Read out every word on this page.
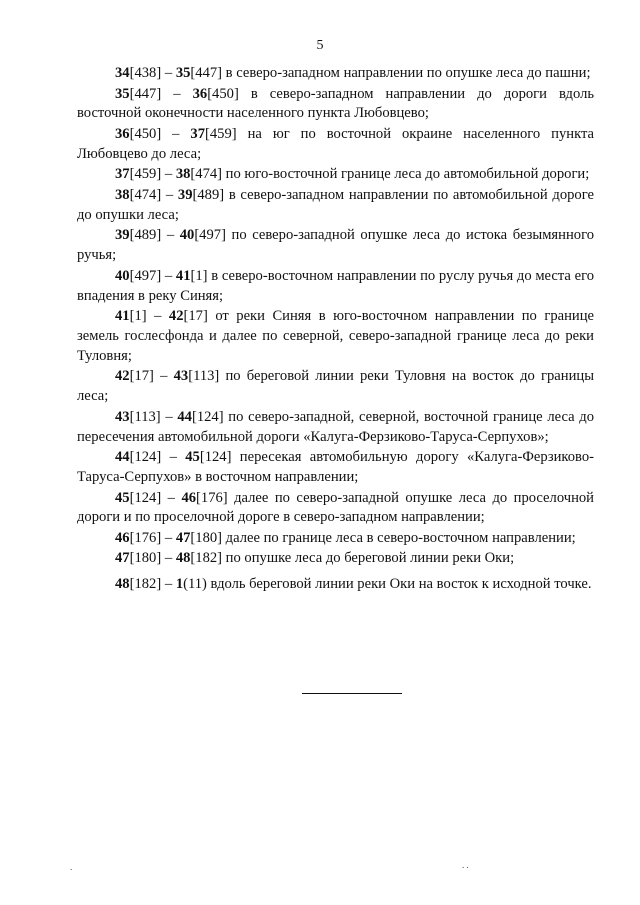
5

34[438] – 35[447] в северо-западном направлении по опушке леса до пашни;

35[447] – 36[450] в северо-западном направлении до дороги вдоль восточной оконечности населенного пункта Любовцево;

36[450] – 37[459] на юг по восточной окраине населенного пункта Любовцево до леса;

37[459] – 38[474] по юго-восточной границе леса до автомобильной дороги;

38[474] – 39[489] в северо-западном направлении по автомобильной дороге до опушки леса;

39[489] – 40[497] по северо-западной опушке леса до истока безымянного ручья;

40[497] – 41[1] в северо-восточном направлении по руслу ручья до места его впадения в реку Синяя;

41[1] – 42[17] от реки Синяя в юго-восточном направлении по границе земель гослесфонда и далее по северной, северо-западной границе леса до реки Туловня;

42[17] – 43[113] по береговой линии реки Туловня на восток до границы леса;

43[113] – 44[124] по северо-западной, северной, восточной границе леса до пересечения автомобильной дороги «Калуга-Ферзиково-Таруса-Серпухов»;

44[124] – 45[124] пересекая автомобильную дорогу «Калуга-Ферзиково-Таруса-Серпухов» в восточном направлении;

45[124] – 46[176] далее по северо-западной опушке леса до проселочной дороги и по проселочной дороге в северо-западном направлении;

46[176] – 47[180] далее по границе леса в северо-восточном направлении;

47[180] – 48[182] по опушке леса до береговой линии реки Оки;

48[182] – 1(11) вдоль береговой линии реки Оки на восток к исходной точке.

.	. .
